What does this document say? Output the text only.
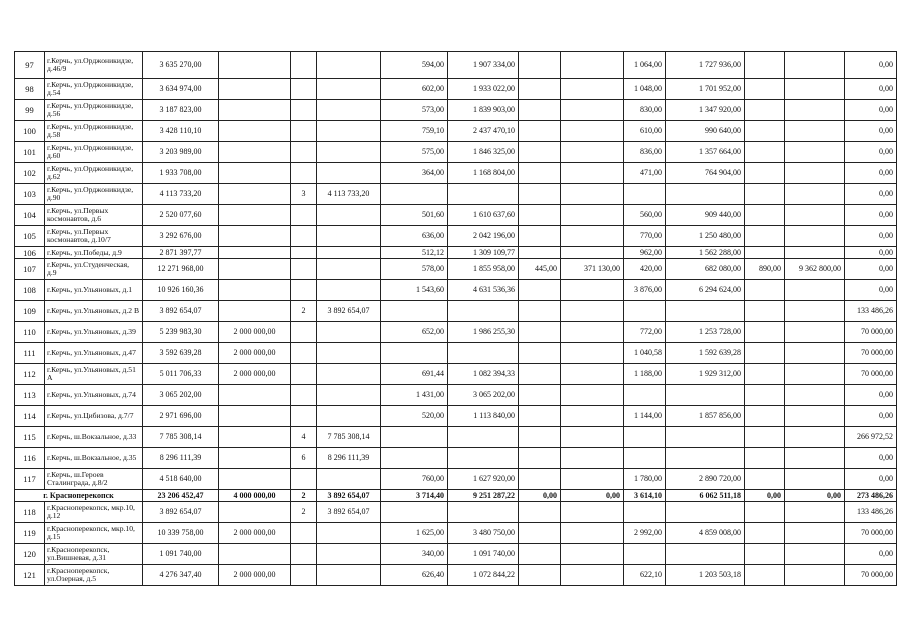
97	г.Керчь, ул.Орджоникидзе, д.46/9	3 635 270,00				594,00	1 907 334,00			1 064,00	1 727 936,00			0,00
98	г.Керчь, ул.Орджоникидзе, д.54	3 634 974,00				602,00	1 933 022,00			1 048,00	1 701 952,00			0,00
99	г.Керчь, ул.Орджоникидзе, д.56	3 187 823,00				573,00	1 839 903,00			830,00	1 347 920,00			0,00
100	г.Керчь, ул.Орджоникидзе, д.58	3 428 110,10				759,10	2 437 470,10			610,00	990 640,00			0,00
101	г.Керчь, ул.Орджоникидзе, д.60	3 203 989,00				575,00	1 846 325,00			836,00	1 357 664,00			0,00
102	г.Керчь, ул.Орджоникидзе, д.62	1 933 708,00				364,00	1 168 804,00			471,00	764 904,00			0,00
103	г.Керчь, ул.Орджоникидзе, д.90	4 113 733,20		3	4 113 733,20									0,00
104	г.Керчь, ул.Первых космонавтов, д.6	2 520 077,60				501,60	1 610 637,60			560,00	909 440,00			0,00
105	г.Керчь, ул.Первых космонавтов, д.10/7	3 292 676,00				636,00	2 042 196,00			770,00	1 250 480,00			0,00
106	г.Керчь, ул.Победы, д.9	2 871 397,77				512,12	1 309 109,77			962,00	1 562 288,00			0,00
107	г.Керчь, ул.Студенческая, д.9	12 271 968,00				578,00	1 855 958,00	445,00	371 130,00	420,00	682 080,00	890,00	9 362 800,00	0,00
108	г.Керчь, ул.Ульяновых, д.1	10 926 160,36				1 543,60	4 631 536,36			3 876,00	6 294 624,00			0,00
109	г.Керчь, ул.Ульяновых, д.2 В	3 892 654,07		2	3 892 654,07									133 486,26
110	г.Керчь, ул.Ульяновых, д.39	5 239 983,30	2 000 000,00			652,00	1 986 255,30			772,00	1 253 728,00			70 000,00
111	г.Керчь, ул.Ульяновых, д.47	3 592 639,28	2 000 000,00							1 040,58	1 592 639,28			70 000,00
112	г.Керчь, ул.Ульяновых, д.51 А	5 011 706,33	2 000 000,00			691,44	1 082 394,33			1 188,00	1 929 312,00			70 000,00
113	г.Керчь, ул.Ульяновых, д.74	3 065 202,00				1 431,00	3 065 202,00							0,00
114	г.Керчь, ул.Цибизова, д.7/7	2 971 696,00				520,00	1 113 840,00			1 144,00	1 857 856,00			0,00
115	г.Керчь, ш.Вокзальное, д.33	7 785 308,14		4	7 785 308,14									266 972,52
116	г.Керчь, ш.Вокзальное, д.35	8 296 111,39		6	8 296 111,39									0,00
117	г.Керчь, ш.Героев Сталинграда, д.8/2	4 518 640,00				760,00	1 627 920,00			1 780,00	2 890 720,00			0,00
г. Красноперекопск		23 206 452,47	4 000 000,00	2	3 892 654,07	3 714,40	9 251 287,22	0,00	0,00	3 614,10	6 062 511,18	0,00	0,00	273 486,26
118	г.Красноперекопск, мкр.10, д.12	3 892 654,07		2	3 892 654,07									133 486,26
119	г.Красноперекопск, мкр.10, д.15	10 339 758,00	2 000 000,00			1 625,00	3 480 750,00			2 992,00	4 859 008,00			70 000,00
120	г.Красноперекопск, ул.Вишневая, д.31	1 091 740,00				340,00	1 091 740,00							0,00
121	г.Красноперекопск, ул.Озерная, д.5	4 276 347,40	2 000 000,00			626,40	1 072 844,22			622,10	1 203 503,18			70 000,00
